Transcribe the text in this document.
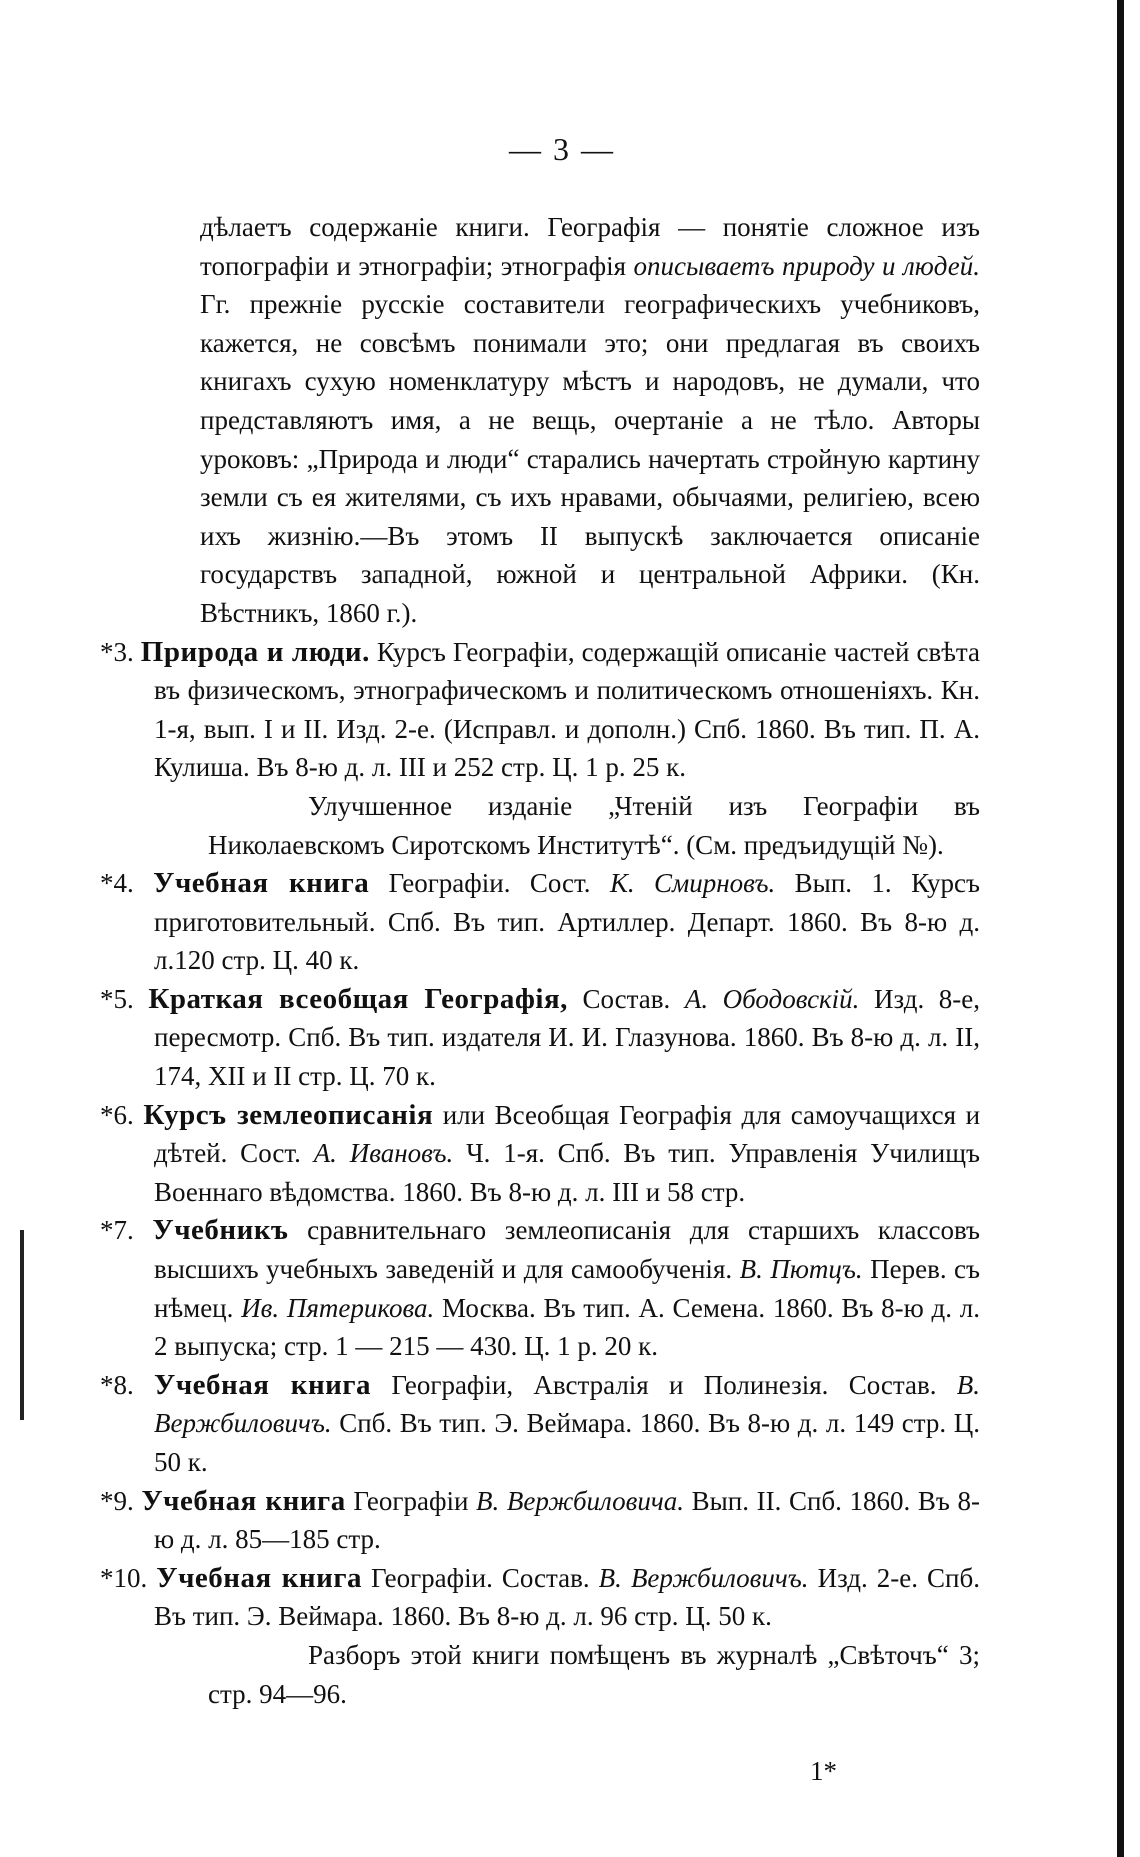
— 3 —
дѣлаетъ содержаніе книги. Географія — понятіе сложное изъ топографіи и этнографіи; этнографія описываетъ природу и людей. Гг. прежніе русскіе составители географическихъ учебниковъ, кажется, не совсѣмъ понимали это; они предлагая въ своихъ книгахъ сухую номенклатуру мѣстъ и народовъ, не думали, что представляютъ имя, а не вещь, очертаніе а не тѣло. Авторы уроковъ: „Природа и люди“ старались начертать стройную картину земли съ ея жителями, съ ихъ нравами, обычаями, религіею, всею ихъ жизнію.—Въ этомъ II выпускѣ заключается описаніе государствъ западной, южной и центральной Африки. (Кн. Вѣстникъ, 1860 г.).
*3. Природа и люди. Курсъ Географіи, содержащій описаніе частей свѣта въ физическомъ, этнографическомъ и политическомъ отношеніяхъ. Кн. 1-я, вып. I и II. Изд. 2-е. (Исправл. и дополн.) Спб. 1860. Въ тип. П. А. Кулиша. Въ 8-ю д. л. III и 252 стр. Ц. 1 р. 25 к.
Улучшенное изданіе „Чтеній изъ Географіи въ Николаевскомъ Сиротскомъ Институтѣ“. (См. предъидущій №).
*4. Учебная книга Географіи. Сост. К. Смирновъ. Вып. 1. Курсъ приготовительный. Спб. Въ тип. Артиллер. Департ. 1860. Въ 8-ю д. л.120 стр. Ц. 40 к.
*5. Краткая всеобщая Географія, Состав. А. Ободовскій. Изд. 8-е, пересмотр. Спб. Въ тип. издателя И. И. Глазунова. 1860. Въ 8-ю д. л. II, 174, XII и II стр. Ц. 70 к.
*6. Курсъ землеописанія или Всеобщая Географія для самоучащихся и дѣтей. Сост. А. Ивановъ. Ч. 1-я. Спб. Въ тип. Управленія Училищъ Военнаго вѣдомства. 1860. Въ 8-ю д. л. III и 58 стр.
*7. Учебникъ сравнительнаго землеописанія для старшихъ классовъ высшихъ учебныхъ заведеній и для самообученія. В. Пютцъ. Перев. съ нѣмец. Ив. Пятерикова. Москва. Въ тип. А. Семена. 1860. Въ 8-ю д. л. 2 выпуска; стр. 1 — 215 — 430. Ц. 1 р. 20 к.
*8. Учебная книга Географіи, Австралія и Полинезія. Состав. В. Вержбиловичъ. Спб. Въ тип. Э. Веймара. 1860. Въ 8-ю д. л. 149 стр. Ц. 50 к.
*9. Учебная книга Географіи В. Вержбиловича. Вып. II. Спб. 1860. Въ 8-ю д. л. 85—185 стр.
*10. Учебная книга Географіи. Состав. В. Вержбиловичъ. Изд. 2-е. Спб. Въ тип. Э. Веймара. 1860. Въ 8-ю д. л. 96 стр. Ц. 50 к.
Разборъ этой книги помѣщенъ въ журналѣ „Свѣточъ“ 3; стр. 94—96.
1*
